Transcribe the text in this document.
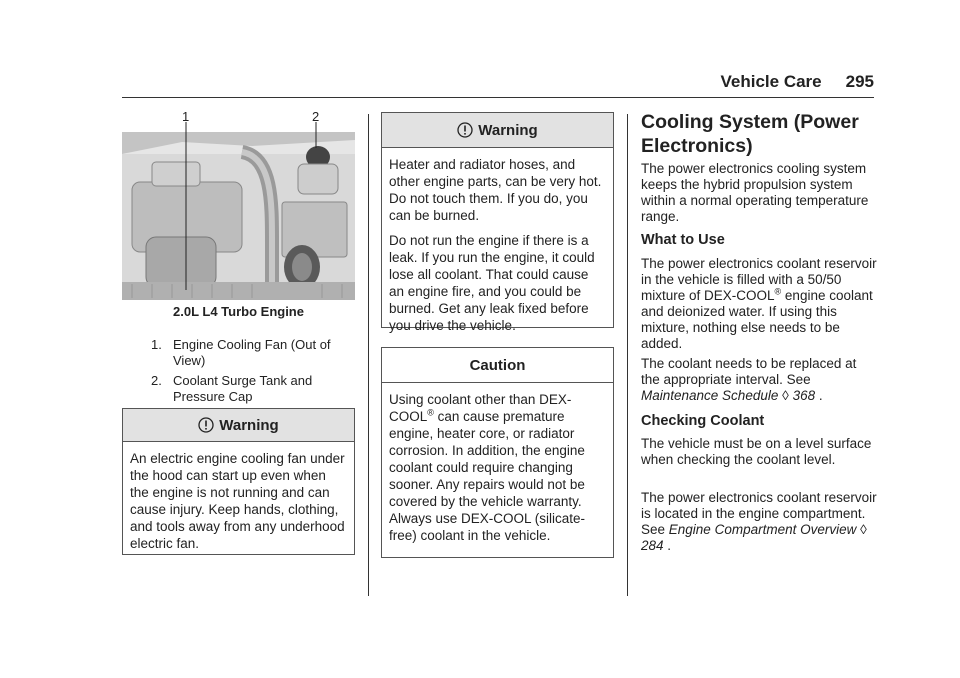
Vehicle Care 295
1	2
2.0L L4 Turbo Engine
1. Engine Cooling Fan (Out of View)
2. Coolant Surge Tank and Pressure Cap
Warning

An electric engine cooling fan under the hood can start up even when the engine is not running and can cause injury. Keep hands, clothing, and tools away from any underhood electric fan.

Warning

Heater and radiator hoses, and other engine parts, can be very hot. Do not touch them. If you do, you can be burned.

Do not run the engine if there is a leak. If you run the engine, it could lose all coolant. That could cause an engine fire, and you could be burned. Get any leak fixed before you drive the vehicle.

Caution

Using coolant other than DEX-COOL® can cause premature engine, heater core, or radiator corrosion. In addition, the engine coolant could require changing sooner. Any repairs would not be covered by the vehicle warranty. Always use DEX-COOL (silicate-free) coolant in the vehicle.

Cooling System (Power Electronics)

The power electronics cooling system keeps the hybrid propulsion system within a normal operating temperature range.

What to Use

The power electronics coolant reservoir in the vehicle is filled with a 50/50 mixture of DEX-COOL® engine coolant and deionized water. If using this mixture, nothing else needs to be added.

The coolant needs to be replaced at the appropriate interval. See Maintenance Schedule ◊ 368 .

Checking Coolant

The vehicle must be on a level surface when checking the coolant level.

The power electronics coolant reservoir is located in the engine compartment. See Engine Compartment Overview ◊ 284 .
